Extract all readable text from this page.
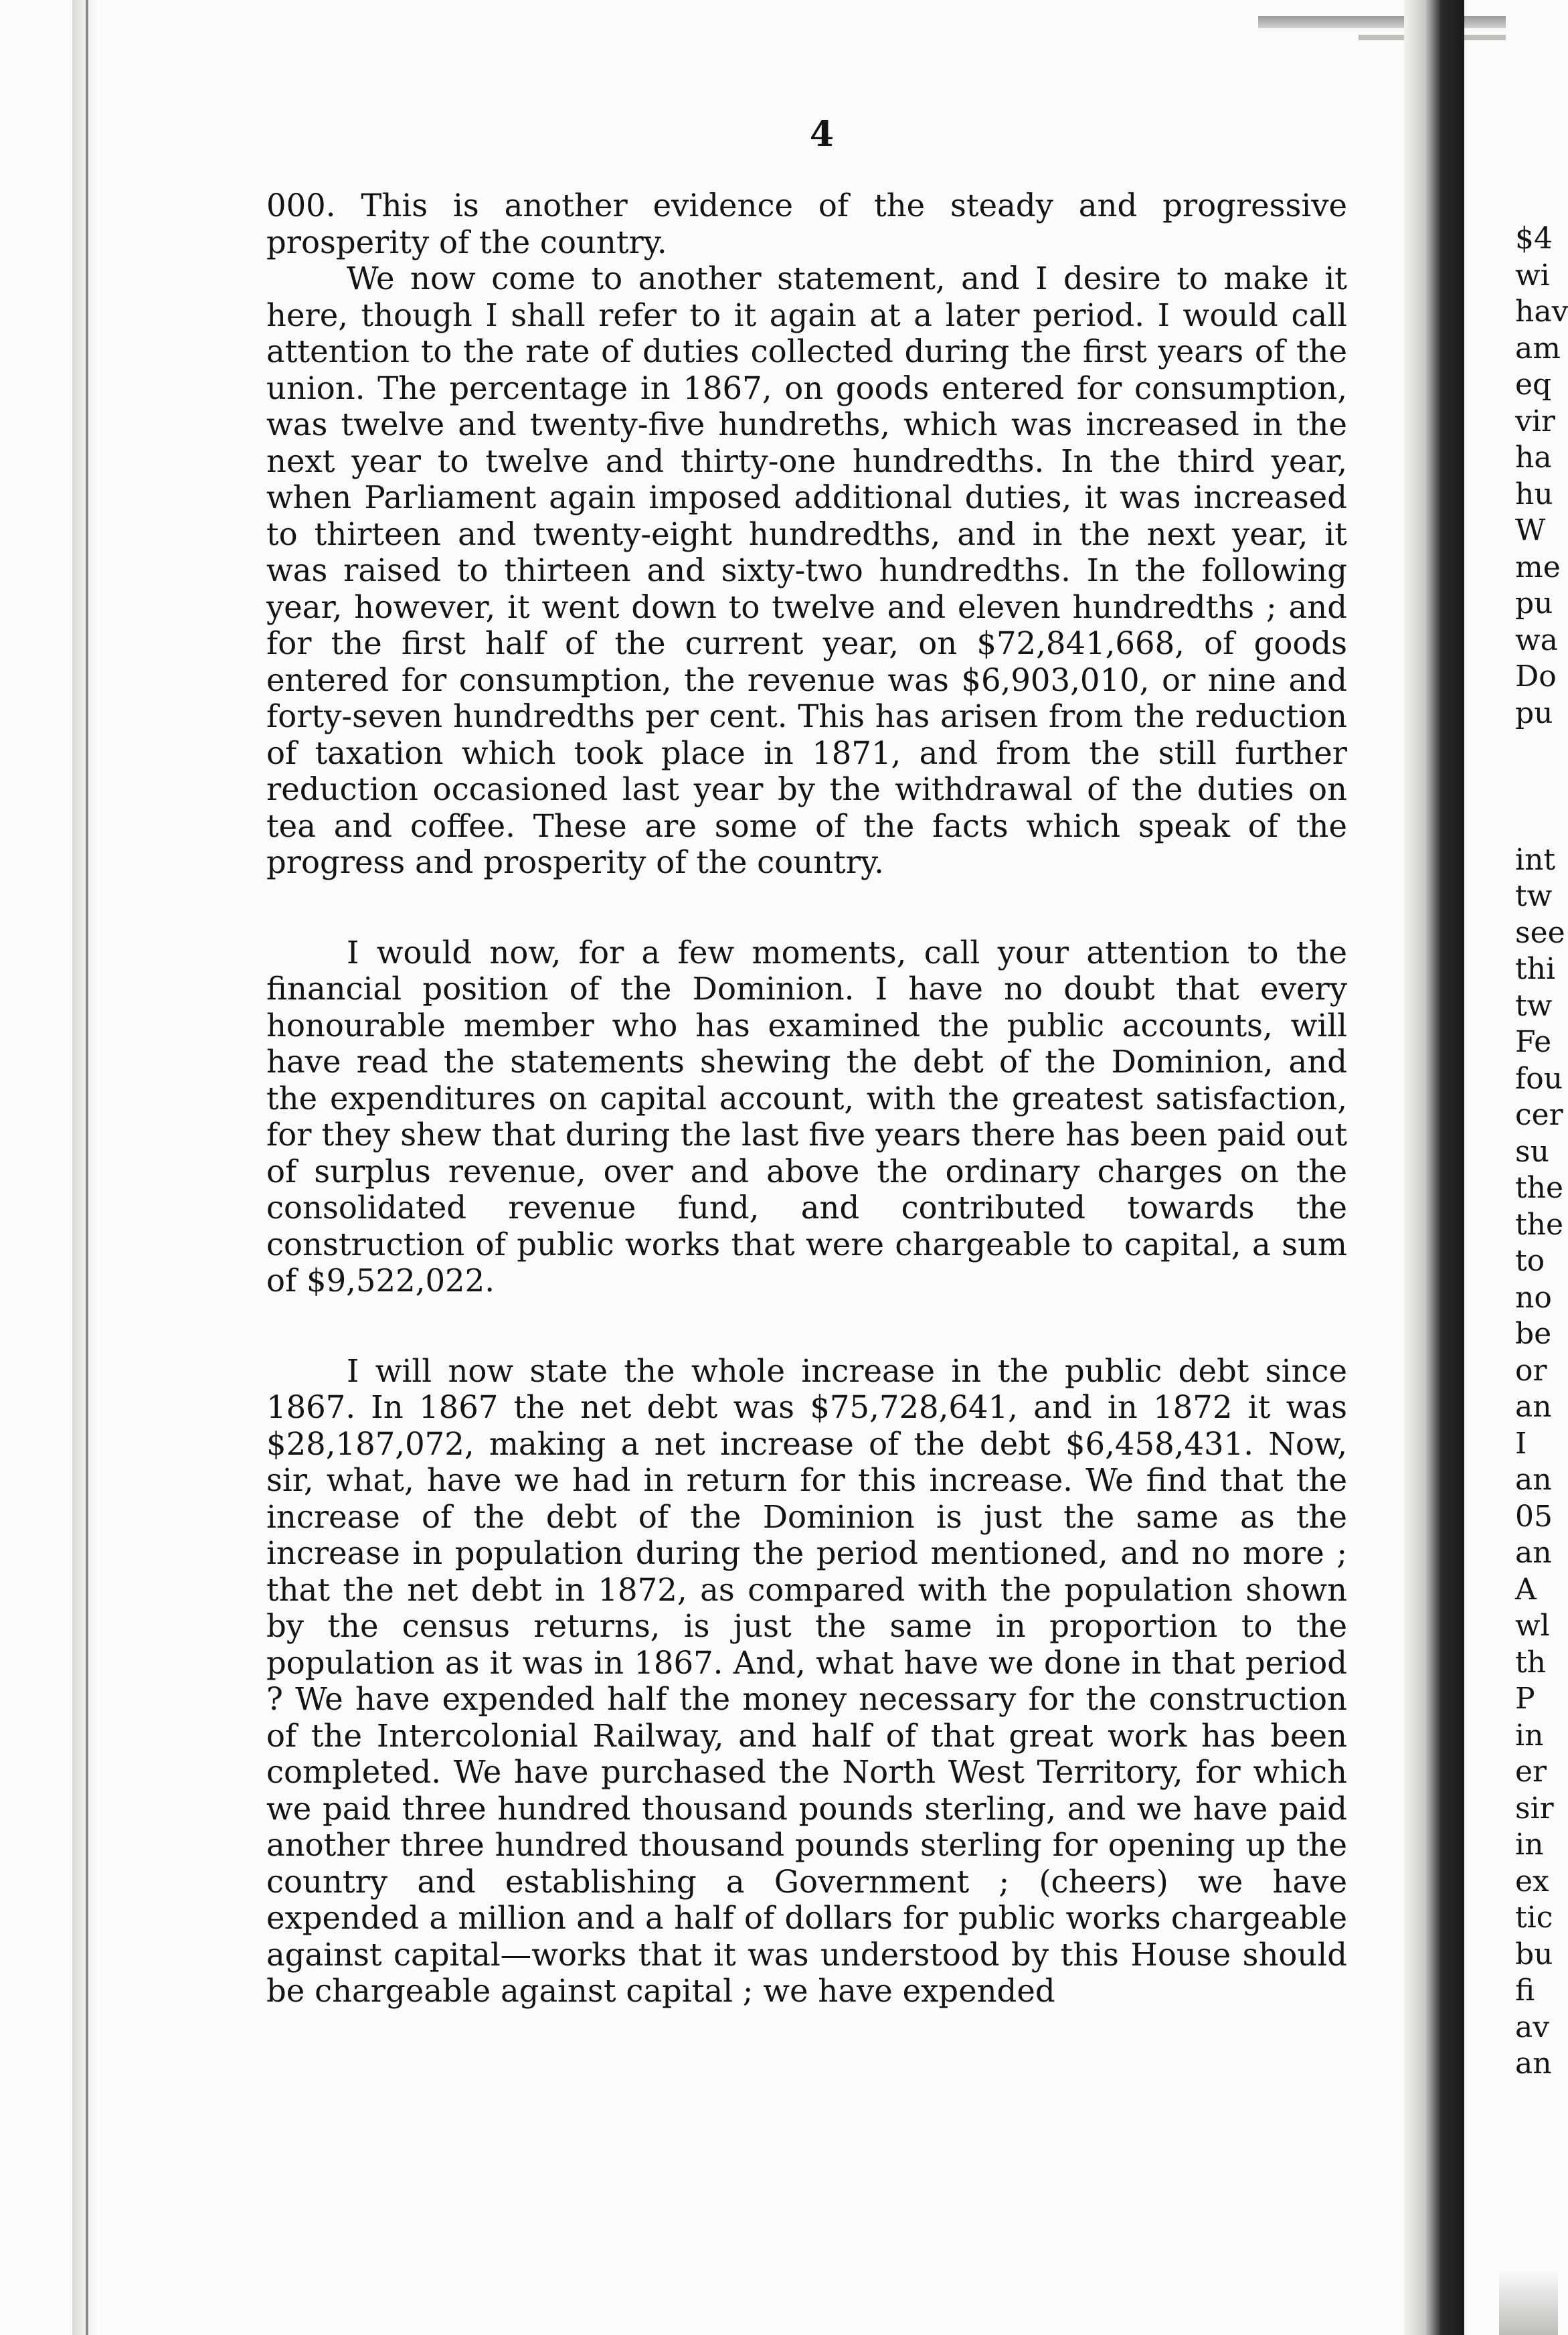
4

000. This is another evidence of the steady and progressive prosperity of the country.

We now come to another statement, and I desire to make it here, though I shall refer to it again at a later period. I would call attention to the rate of duties collected during the first years of the union. The percentage in 1867, on goods entered for consumption, was twelve and twenty-five hundreths, which was increased in the next year to twelve and thirty-one hundredths. In the third year, when Parliament again imposed additional duties, it was increased to thirteen and twenty-eight hundredths, and in the next year, it was raised to thirteen and sixty-two hundredths. In the following year, however, it went down to twelve and eleven hundredths ; and for the first half of the current year, on $72,841,668, of goods entered for consumption, the revenue was $6,903,010, or nine and forty-seven hundredths per cent. This has arisen from the reduction of taxation which took place in 1871, and from the still further reduction occasioned last year by the withdrawal of the duties on tea and coffee. These are some of the facts which speak of the progress and prosperity of the country.

I would now, for a few moments, call your attention to the financial position of the Dominion. I have no doubt that every honourable member who has examined the public accounts, will have read the statements shewing the debt of the Dominion, and the expenditures on capital account, with the greatest satisfaction, for they shew that during the last five years there has been paid out of surplus revenue, over and above the ordinary charges on the consolidated revenue fund, and contributed towards the construction of public works that were chargeable to capital, a sum of $9,522,022.

I will now state the whole increase in the public debt since 1867. In 1867 the net debt was $75,728,641, and in 1872 it was $28,187,072, making a net increase of the debt $6,458,431. Now, sir, what, have we had in return for this increase. We find that the increase of the debt of the Dominion is just the same as the increase in population during the period mentioned, and no more ; that the net debt in 1872, as compared with the population shown by the census returns, is just the same in proportion to the population as it was in 1867. And, what have we done in that period ? We have expended half the money necessary for the construction of the Intercolonial Railway, and half of that great work has been completed. We have purchased the North West Territory, for which we paid three hundred thousand pounds sterling, and we have paid another three hundred thousand pounds sterling for opening up the country and establishing a Government ; (cheers) we have expended a million and a half of dollars for public works chargeable against capital—works that it was understood by this House should be chargeable against capital ; we have expended

$4
wi
hav
am
eq
vir
ha
hu
W
me
pu
wa
Do
pu

int
tw
see
thi
tw
Fe
fou
cer
su
the
the
to
no
be
or
an
I
an
05
an
A
wl
th
P
in
er
sir
in
ex
tic
bu
fi
av
an
